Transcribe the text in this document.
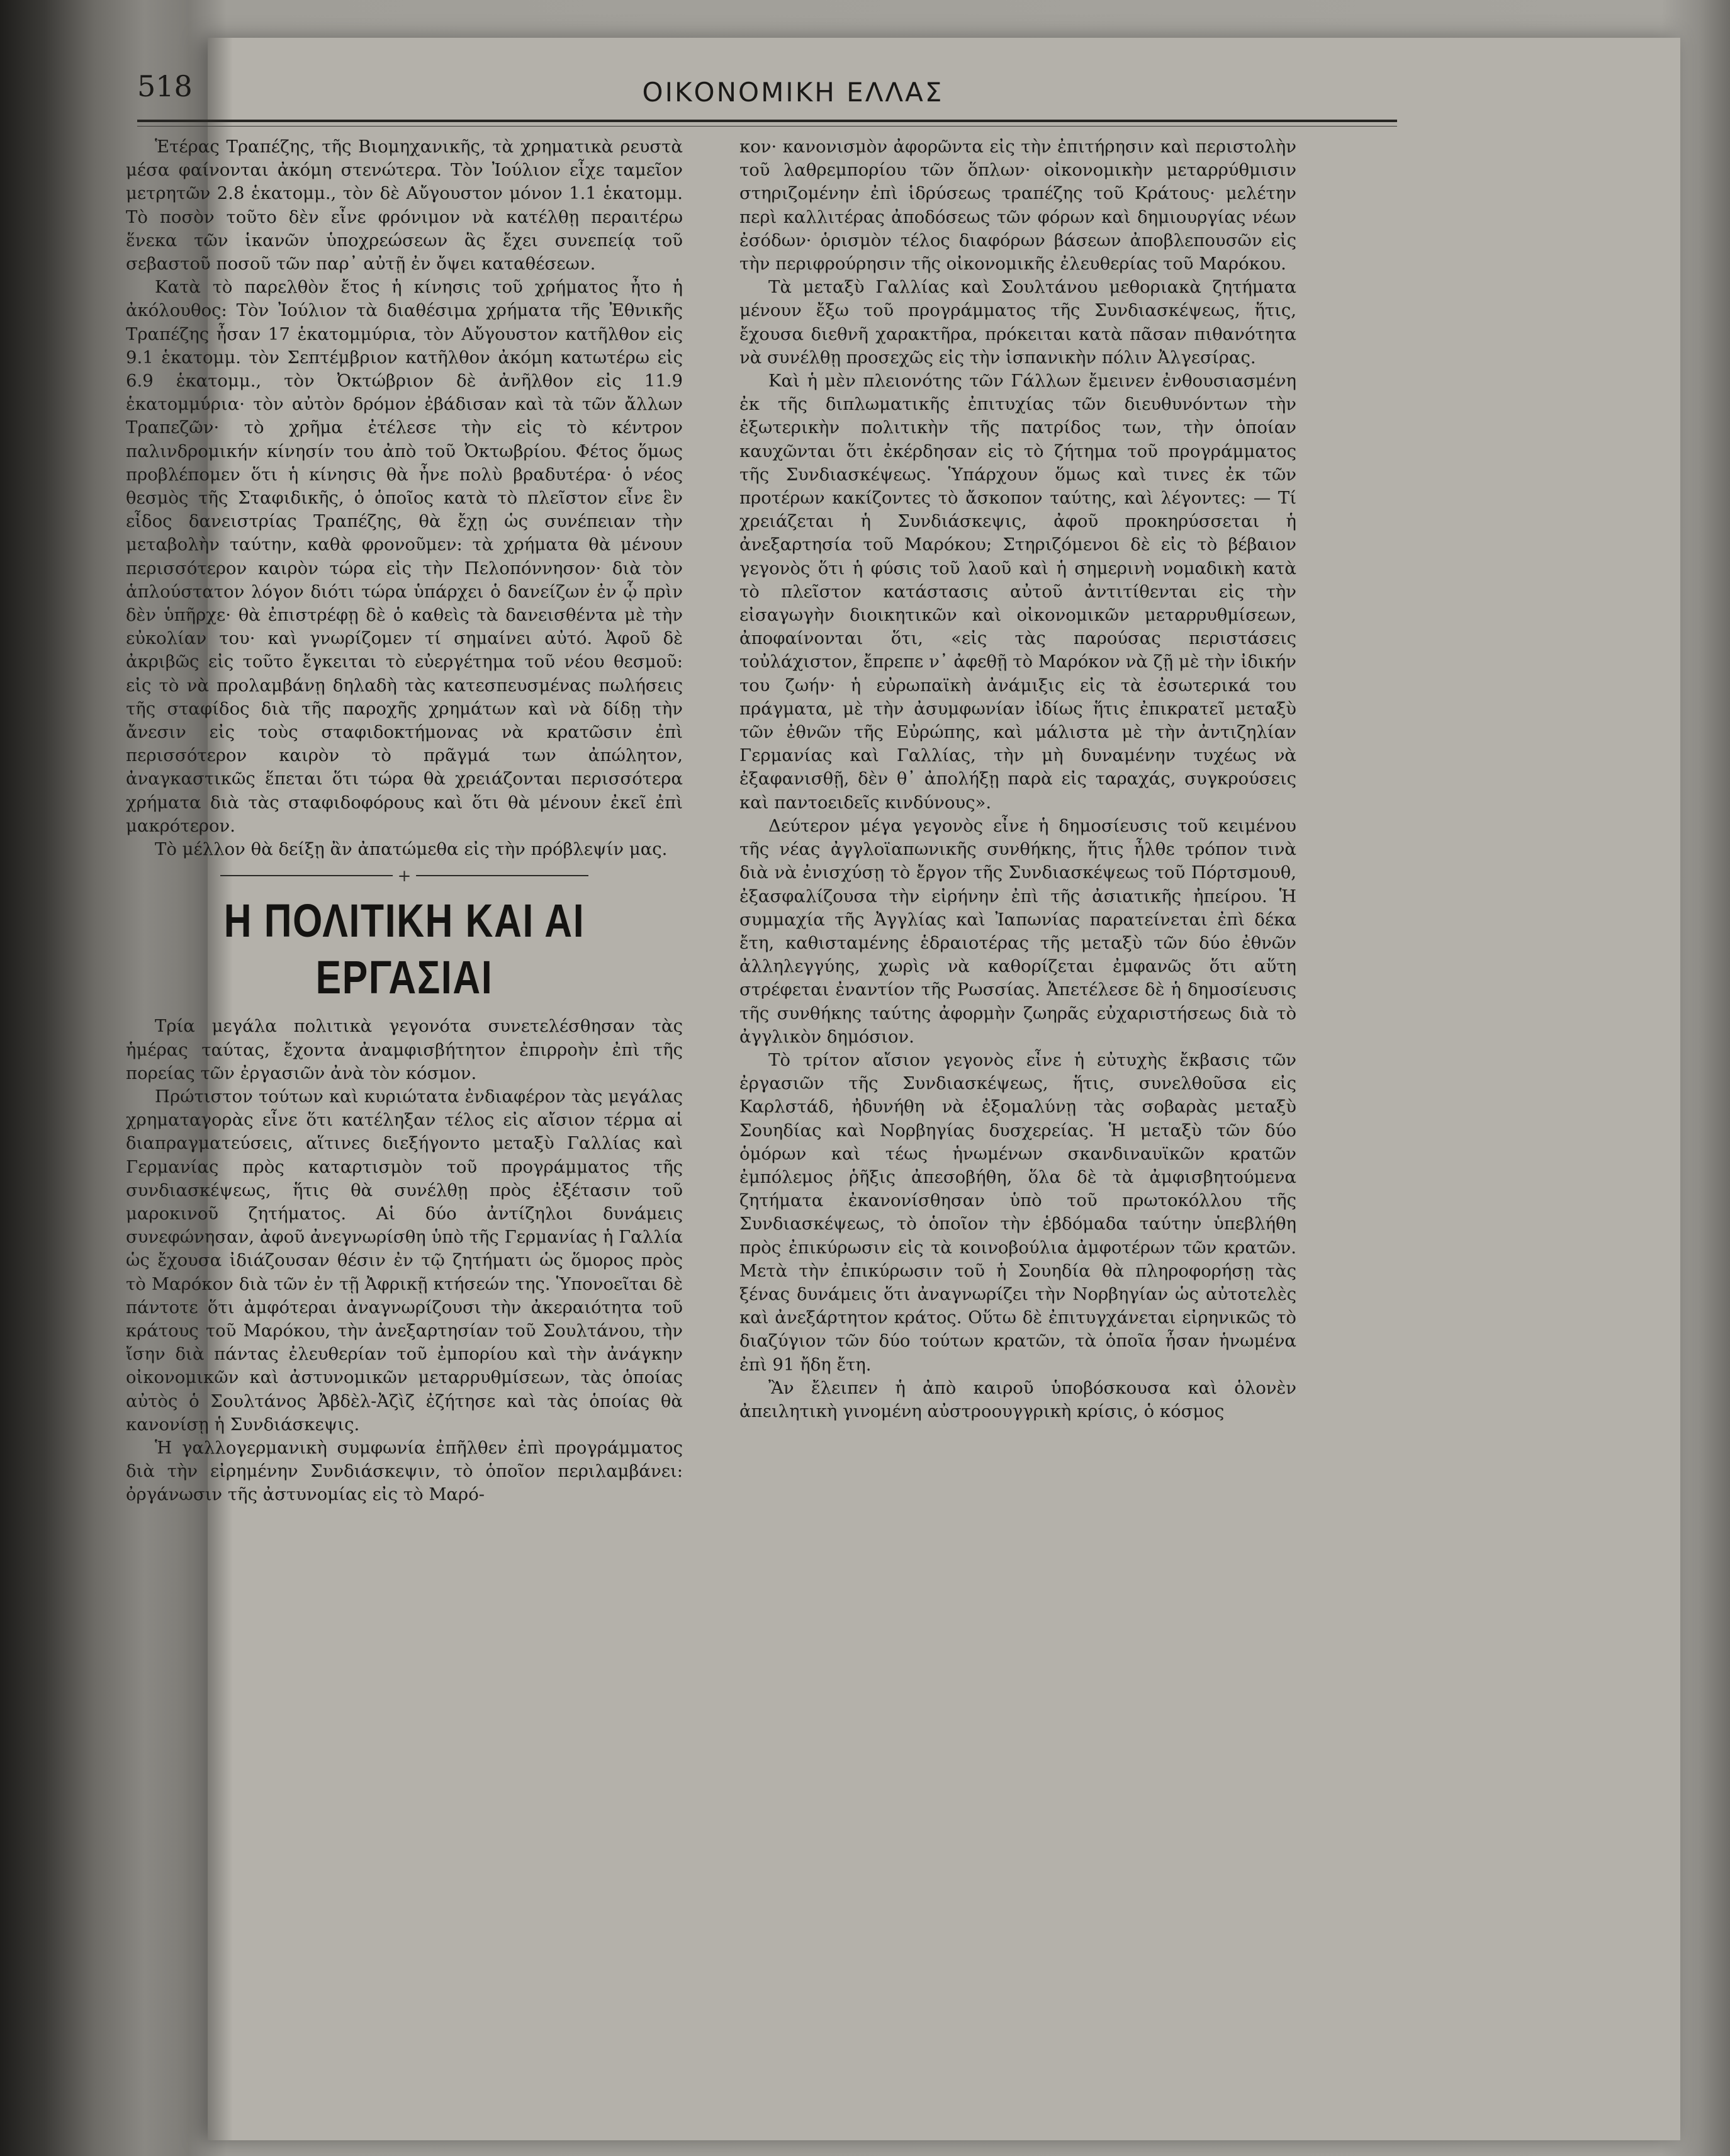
518	ΟΙΚΟΝΟΜΙΚΗ ΕΛΛΑΣ

Ἑτέρας Τραπέζης, τῆς Βιομηχανικῆς, τὰ χρηματικὰ ρευστὰ μέσα φαίνονται ἀκόμη στενώτερα. Τὸν Ἰούλιον εἶχε ταμεῖον μετρητῶν 2.8 ἑκατομμ., τὸν δὲ Αὔγουστον μόνον 1.1 ἑκατομμ. Τὸ ποσὸν τοῦτο δὲν εἶνε φρόνιμον νὰ κατέλθῃ περαιτέρω ἕνεκα τῶν ἱκανῶν ὑποχρεώσεων ἃς ἔχει συνεπείᾳ τοῦ σεβαστοῦ ποσοῦ τῶν παρ᾽ αὐτῇ ἐν ὄψει καταθέσεων.

Κατὰ τὸ παρελθὸν ἔτος ἡ κίνησις τοῦ χρήματος ἦτο ἡ ἀκόλουθος: Τὸν Ἰούλιον τὰ διαθέσιμα χρήματα τῆς Ἐθνικῆς Τραπέζης ἦσαν 17 ἑκατομμύρια, τὸν Αὔγουστον κατῆλθον εἰς 9.1 ἑκατομμ. τὸν Σεπτέμβριον κατῆλθον ἀκόμη κατωτέρω εἰς 6.9 ἑκατομμ., τὸν Ὀκτώβριον δὲ ἀνῆλθον εἰς 11.9 ἑκατομμύρια· τὸν αὐτὸν δρόμον ἐβάδισαν καὶ τὰ τῶν ἄλλων Τραπεζῶν· τὸ χρῆμα ἐτέλεσε τὴν εἰς τὸ κέντρον παλινδρομικήν κίνησίν του ἀπὸ τοῦ Ὀκτωβρίου. Φέτος ὅμως προβλέπομεν ὅτι ἡ κίνησις θὰ ἦνε πολὺ βραδυτέρα· ὁ νέος θεσμὸς τῆς Σταφιδικῆς, ὁ ὁποῖος κατὰ τὸ πλεῖστον εἶνε ἓν εἶδος δανειστρίας Τραπέζης, θὰ ἔχῃ ὡς συνέπειαν τὴν μεταβολὴν ταύτην, καθὰ φρονοῦμεν: τὰ χρήματα θὰ μένουν περισσότερον καιρὸν τώρα εἰς τὴν Πελοπόννησον· διὰ τὸν ἁπλούστατον λόγον διότι τώρα ὑπάρχει ὁ δανείζων ἐν ᾧ πρὶν δὲν ὑπῆρχε· θὰ ἐπιστρέφῃ δὲ ὁ καθεὶς τὰ δανεισθέντα μὲ τὴν εὐκολίαν του· καὶ γνωρίζομεν τί σημαίνει αὐτό. Ἀφοῦ δὲ ἀκριβῶς εἰς τοῦτο ἔγκειται τὸ εὐεργέτημα τοῦ νέου θεσμοῦ: εἰς τὸ νὰ προλαμβάνῃ δηλαδὴ τὰς κατεσπευσμένας πωλήσεις τῆς σταφίδος διὰ τῆς παροχῆς χρημάτων καὶ νὰ δίδῃ τὴν ἄνεσιν εἰς τοὺς σταφιδοκτήμονας νὰ κρατῶσιν ἐπὶ περισσότερον καιρὸν τὸ πρᾶγμά των ἀπώλητον, ἀναγκαστικῶς ἕπεται ὅτι τώρα θὰ χρειάζονται περισσότερα χρήματα διὰ τὰς σταφιδοφόρους καὶ ὅτι θὰ μένουν ἐκεῖ ἐπὶ μακρότερον.

Τὸ μέλλον θὰ δείξῃ ἂν ἀπατώμεθα εἰς τὴν πρόβλεψίν μας.

+
Η ΠΟΛΙΤΙΚΗ ΚΑΙ ΑΙ ΕΡΓΑΣΙΑΙ

Τρία μεγάλα πολιτικὰ γεγονότα συνετελέσθησαν τὰς ἡμέρας ταύτας, ἔχοντα ἀναμφισβήτητον ἐπιρροὴν ἐπὶ τῆς πορείας τῶν ἐργασιῶν ἀνὰ τὸν κόσμον.

Πρώτιστον τούτων καὶ κυριώτατα ἐνδιαφέρον τὰς μεγάλας χρηματαγορὰς εἶνε ὅτι κατέληξαν τέλος εἰς αἴσιον τέρμα αἱ διαπραγματεύσεις, αἵτινες διεξήγοντο μεταξὺ Γαλλίας καὶ Γερμανίας πρὸς καταρτισμὸν τοῦ προγράμματος τῆς συνδιασκέψεως, ἥτις θὰ συνέλθῃ πρὸς ἐξέτασιν τοῦ μαροκινοῦ ζητήματος. Αἱ δύο ἀντίζηλοι δυνάμεις συνεφώνησαν, ἀφοῦ ἀνεγνωρίσθη ὑπὸ τῆς Γερμανίας ἡ Γαλλία ὡς ἔχουσα ἰδιάζουσαν θέσιν ἐν τῷ ζητήματι ὡς ὅμορος πρὸς τὸ Μαρόκον διὰ τῶν ἐν τῇ Ἀφρικῇ κτήσεών της. Ὑπονοεῖται δὲ πάντοτε ὅτι ἀμφότεραι ἀναγνωρίζουσι τὴν ἀκεραιότητα τοῦ κράτους τοῦ Μαρόκου, τὴν ἀνεξαρτησίαν τοῦ Σουλτάνου, τὴν ἴσην διὰ πάντας ἐλευθερίαν τοῦ ἐμπορίου καὶ τὴν ἀνάγκην οἰκονομικῶν καὶ ἀστυνομικῶν μεταρρυθμίσεων, τὰς ὁποίας αὐτὸς ὁ Σουλτάνος Ἀβδὲλ-Ἀζὶζ ἐζήτησε καὶ τὰς ὁποίας θὰ κανονίσῃ ἡ Συνδιάσκεψις.

Ἡ γαλλογερμανικὴ συμφωνία ἐπῆλθεν ἐπὶ προγράμματος διὰ τὴν εἰρημένην Συνδιάσκεψιν, τὸ ὁποῖον περιλαμβάνει: ὀργάνωσιν τῆς ἀστυνομίας εἰς τὸ Μαρό-

κον· κανονισμὸν ἀφορῶντα εἰς τὴν ἐπιτήρησιν καὶ περιστολὴν τοῦ λαθρεμπορίου τῶν ὅπλων· οἰκονομικὴν μεταρρύθμισιν στηριζομένην ἐπὶ ἱδρύσεως τραπέζης τοῦ Κράτους· μελέτην περὶ καλλιτέρας ἀποδόσεως τῶν φόρων καὶ δημιουργίας νέων ἐσόδων· ὁρισμὸν τέλος διαφόρων βάσεων ἀποβλεπουσῶν εἰς τὴν περιφρούρησιν τῆς οἰκονομικῆς ἐλευθερίας τοῦ Μαρόκου.

Τὰ μεταξὺ Γαλλίας καὶ Σουλτάνου μεθοριακὰ ζητήματα μένουν ἔξω τοῦ προγράμματος τῆς Συνδιασκέψεως, ἥτις, ἔχουσα διεθνῆ χαρακτῆρα, πρόκειται κατὰ πᾶσαν πιθανότητα νὰ συνέλθῃ προσεχῶς εἰς τὴν ἱσπανικὴν πόλιν Ἀλγεσίρας.

Καὶ ἡ μὲν πλειονότης τῶν Γάλλων ἔμεινεν ἐνθουσιασμένη ἐκ τῆς διπλωματικῆς ἐπιτυχίας τῶν διευθυνόντων τὴν ἐξωτερικὴν πολιτικὴν τῆς πατρίδος των, τὴν ὁποίαν καυχῶνται ὅτι ἐκέρδησαν εἰς τὸ ζήτημα τοῦ προγράμματος τῆς Συνδιασκέψεως. Ὑπάρχουν ὅμως καὶ τινες ἐκ τῶν προτέρων κακίζοντες τὸ ἄσκοπον ταύτης, καὶ λέγοντες: — Τί χρειάζεται ἡ Συνδιάσκεψις, ἀφοῦ προκηρύσσεται ἡ ἀνεξαρτησία τοῦ Μαρόκου; Στηριζόμενοι δὲ εἰς τὸ βέβαιον γεγονὸς ὅτι ἡ φύσις τοῦ λαοῦ καὶ ἡ σημερινὴ νομαδικὴ κατὰ τὸ πλεῖστον κατάστασις αὐτοῦ ἀντιτίθενται εἰς τὴν εἰσαγωγὴν διοικητικῶν καὶ οἰκονομικῶν μεταρρυθμίσεων, ἀποφαίνονται ὅτι, «εἰς τὰς παρούσας περιστάσεις τοὐλάχιστον, ἔπρεπε ν᾽ ἀφεθῇ τὸ Μαρόκον νὰ ζῇ μὲ τὴν ἰδικήν του ζωήν· ἡ εὐρωπαϊκὴ ἀνάμιξις εἰς τὰ ἐσωτερικά του πράγματα, μὲ τὴν ἀσυμφωνίαν ἰδίως ἥτις ἐπικρατεῖ μεταξὺ τῶν ἐθνῶν τῆς Εὐρώπης, καὶ μάλιστα μὲ τὴν ἀντιζηλίαν Γερμανίας καὶ Γαλλίας, τὴν μὴ δυναμένην τυχέως νὰ ἐξαφανισθῇ, δὲν θ᾽ ἀπολήξῃ παρὰ εἰς ταραχάς, συγκρούσεις καὶ παντοειδεῖς κινδύνους».

Δεύτερον μέγα γεγονὸς εἶνε ἡ δημοσίευσις τοῦ κειμένου τῆς νέας ἀγγλοϊαπωνικῆς συνθήκης, ἥτις ἦλθε τρόπον τινὰ διὰ νὰ ἐνισχύσῃ τὸ ἔργον τῆς Συνδιασκέψεως τοῦ Πόρτσμουθ, ἐξασφαλίζουσα τὴν εἰρήνην ἐπὶ τῆς ἀσιατικῆς ἠπείρου. Ἡ συμμαχία τῆς Ἀγγλίας καὶ Ἰαπωνίας παρατείνεται ἐπὶ δέκα ἔτη, καθισταμένης ἑδραιοτέρας τῆς μεταξὺ τῶν δύο ἐθνῶν ἀλληλεγγύης, χωρὶς νὰ καθορίζεται ἐμφανῶς ὅτι αὕτη στρέφεται ἐναντίον τῆς Ρωσσίας. Ἀπετέλεσε δὲ ἡ δημοσίευσις τῆς συνθήκης ταύτης ἀφορμὴν ζωηρᾶς εὐχαριστήσεως διὰ τὸ ἀγγλικὸν δημόσιον.

Τὸ τρίτον αἴσιον γεγονὸς εἶνε ἡ εὐτυχὴς ἔκβασις τῶν ἐργασιῶν τῆς Συνδιασκέψεως, ἥτις, συνελθοῦσα εἰς Καρλστάδ, ἠδυνήθη νὰ ἐξομαλύνῃ τὰς σοβαρὰς μεταξὺ Σουηδίας καὶ Νορβηγίας δυσχερείας. Ἡ μεταξὺ τῶν δύο ὁμόρων καὶ τέως ἡνωμένων σκανδιναυϊκῶν κρατῶν ἐμπόλεμος ῥῆξις ἀπεσοβήθη, ὅλα δὲ τὰ ἀμφισβητούμενα ζητήματα ἐκανονίσθησαν ὑπὸ τοῦ πρωτοκόλλου τῆς Συνδιασκέψεως, τὸ ὁποῖον τὴν ἑβδόμαδα ταύτην ὑπεβλήθη πρὸς ἐπικύρωσιν εἰς τὰ κοινοβούλια ἀμφοτέρων τῶν κρατῶν. Μετὰ τὴν ἐπικύρωσιν τοῦ ἡ Σουηδία θὰ πληροφορήσῃ τὰς ξένας δυνάμεις ὅτι ἀναγνωρίζει τὴν Νορβηγίαν ὡς αὐτοτελὲς καὶ ἀνεξάρτητον κράτος. Οὕτω δὲ ἐπιτυγχάνεται εἰρηνικῶς τὸ διαζύγιον τῶν δύο τούτων κρατῶν, τὰ ὁποῖα ἦσαν ἡνωμένα ἐπὶ 91 ἤδη ἔτη.

Ἂν ἔλειπεν ἡ ἀπὸ καιροῦ ὑποβόσκουσα καὶ ὁλονὲν ἀπειλητικὴ γινομένη αὐστροουγγρικὴ κρίσις, ὁ κόσμος
